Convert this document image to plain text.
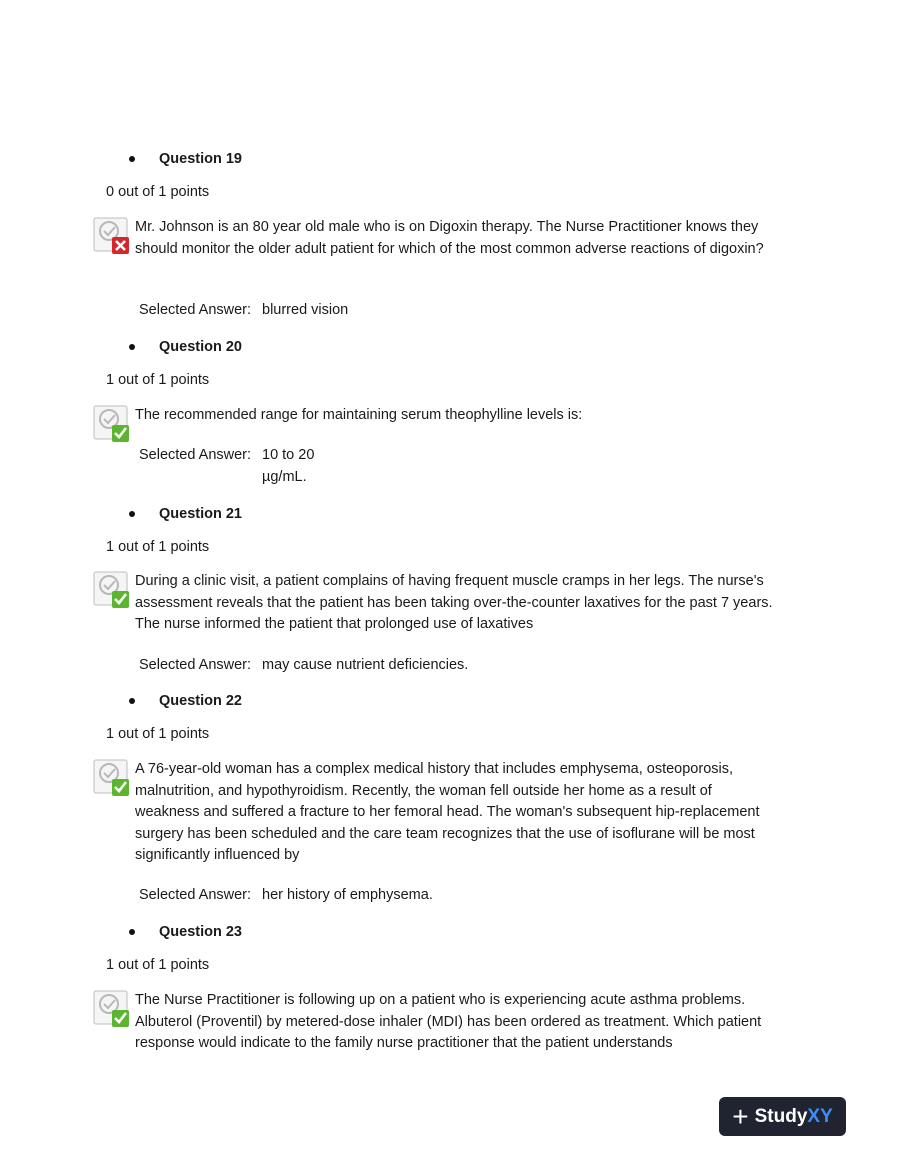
Question 19
0 out of 1 points
Mr. Johnson is an 80 year old male who is on Digoxin therapy. The Nurse Practitioner knows they should monitor the older adult patient for which of the most common adverse reactions of digoxin?
Selected Answer: blurred vision
Question 20
1 out of 1 points
The recommended range for maintaining serum theophylline levels is:
Selected Answer: 10 to 20 µg/mL.
Question 21
1 out of 1 points
During a clinic visit, a patient complains of having frequent muscle cramps in her legs. The nurse's assessment reveals that the patient has been taking over-the-counter laxatives for the past 7 years. The nurse informed the patient that prolonged use of laxatives
Selected Answer: may cause nutrient deficiencies.
Question 22
1 out of 1 points
A 76-year-old woman has a complex medical history that includes emphysema, osteoporosis, malnutrition, and hypothyroidism. Recently, the woman fell outside her home as a result of weakness and suffered a fracture to her femoral head. The woman's subsequent hip-replacement surgery has been scheduled and the care team recognizes that the use of isoflurane will be most significantly influenced by
Selected Answer: her history of emphysema.
Question 23
1 out of 1 points
The Nurse Practitioner is following up on a patient who is experiencing acute asthma problems. Albuterol (Proventil) by metered-dose inhaler (MDI) has been ordered as treatment. Which patient response would indicate to the family nurse practitioner that the patient understands
+ StudyXY
